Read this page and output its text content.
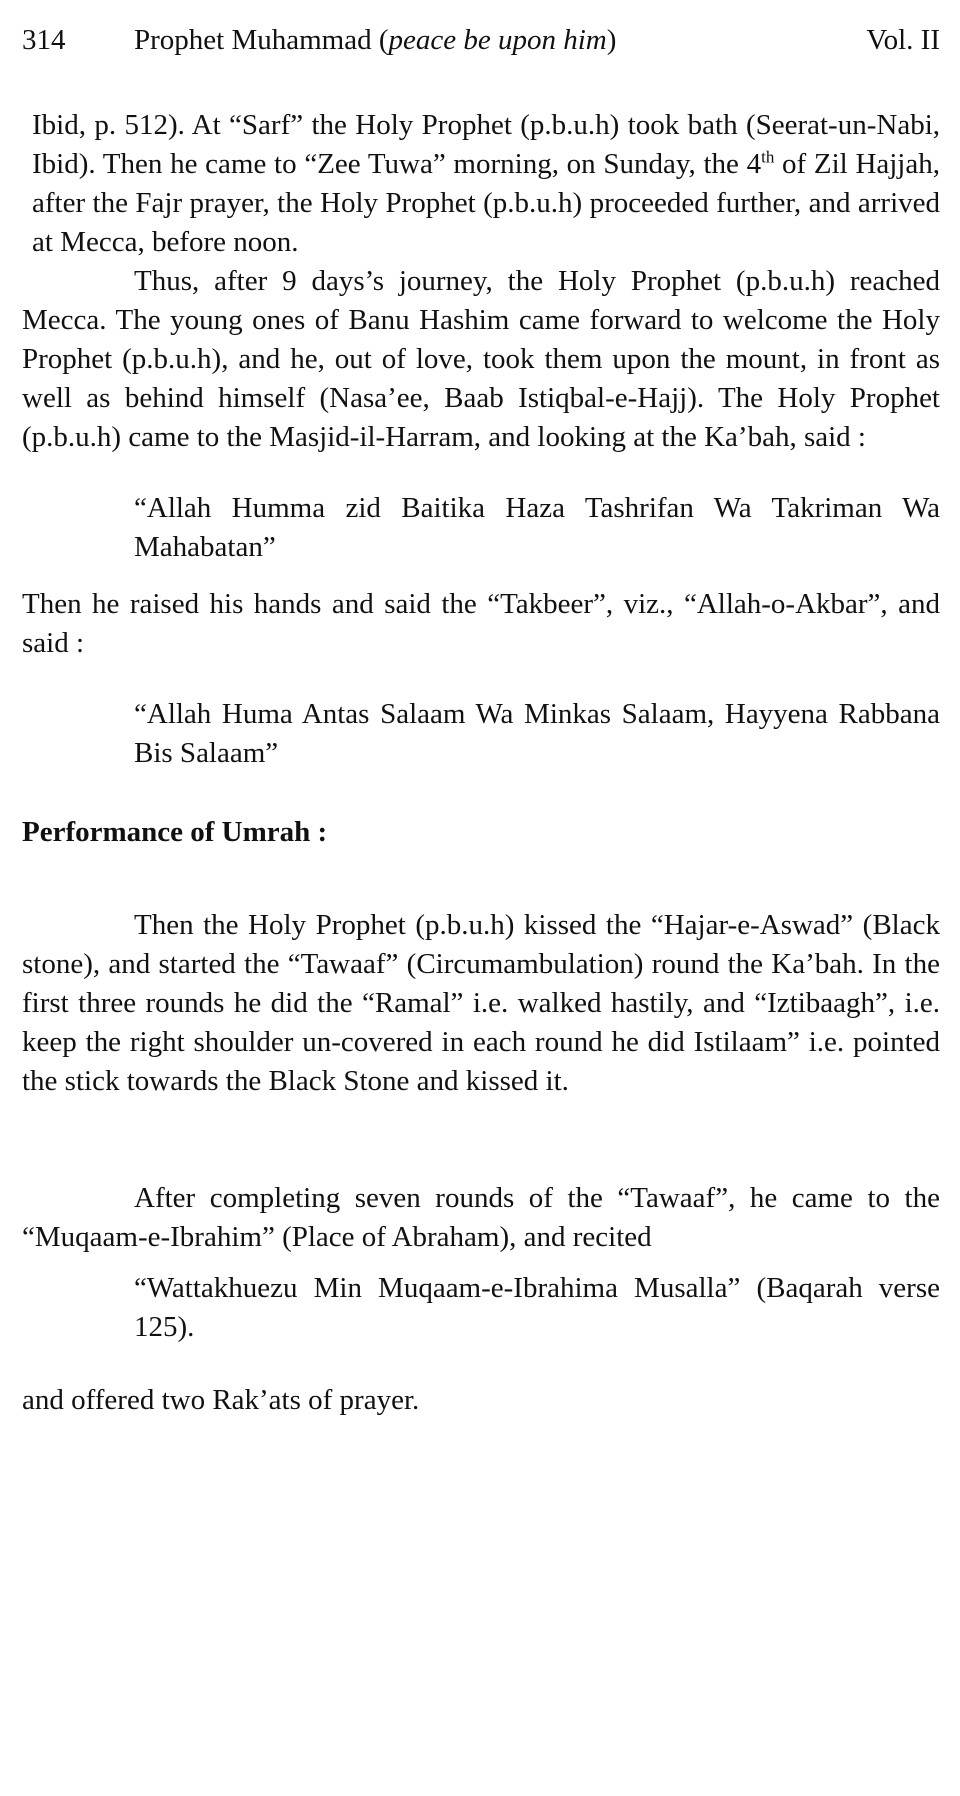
314 Prophet Muhammad (peace be upon him)	Vol. II

Ibid, p. 512). At “Sarf” the Holy Prophet (p.b.u.h) took bath (Seerat-un-Nabi, Ibid). Then he came to “Zee Tuwa” morning, on Sunday, the 4th of Zil Hajjah, after the Fajr prayer, the Holy Prophet (p.b.u.h) proceeded further, and arrived at Mecca, before noon.

Thus, after 9 days’s journey, the Holy Prophet (p.b.u.h) reached Mecca. The young ones of Banu Hashim came forward to welcome the Holy Prophet (p.b.u.h), and he, out of love, took them upon the mount, in front as well as behind himself (Nasa’ee, Baab Istiqbal-e-Hajj). The Holy Prophet (p.b.u.h) came to the Masjid-il-Harram, and looking at the Ka’bah, said :

“Allah Humma zid Baitika Haza Tashrifan Wa Takriman Wa Mahabatan”

Then he raised his hands and said the “Takbeer”, viz., “Allah-o-Akbar”, and said :

“Allah Huma Antas Salaam Wa Minkas Salaam, Hayyena Rabbana Bis Salaam”

Performance of Umrah :

Then the Holy Prophet (p.b.u.h) kissed the “Hajar-e-Aswad” (Black stone), and started the “Tawaaf” (Circumambulation) round the Ka’bah. In the first three rounds he did the “Ramal” i.e. walked hastily, and “Iztibaagh”, i.e. keep the right shoulder un-covered in each round he did Istilaam” i.e. pointed the stick towards the Black Stone and kissed it.

After completing seven rounds of the “Tawaaf”, he came to the “Muqaam-e-Ibrahim” (Place of Abraham), and recited

“Wattakhuezu Min Muqaam-e-Ibrahima Musalla” (Baqarah verse 125).

and offered two Rak’ats of prayer.
